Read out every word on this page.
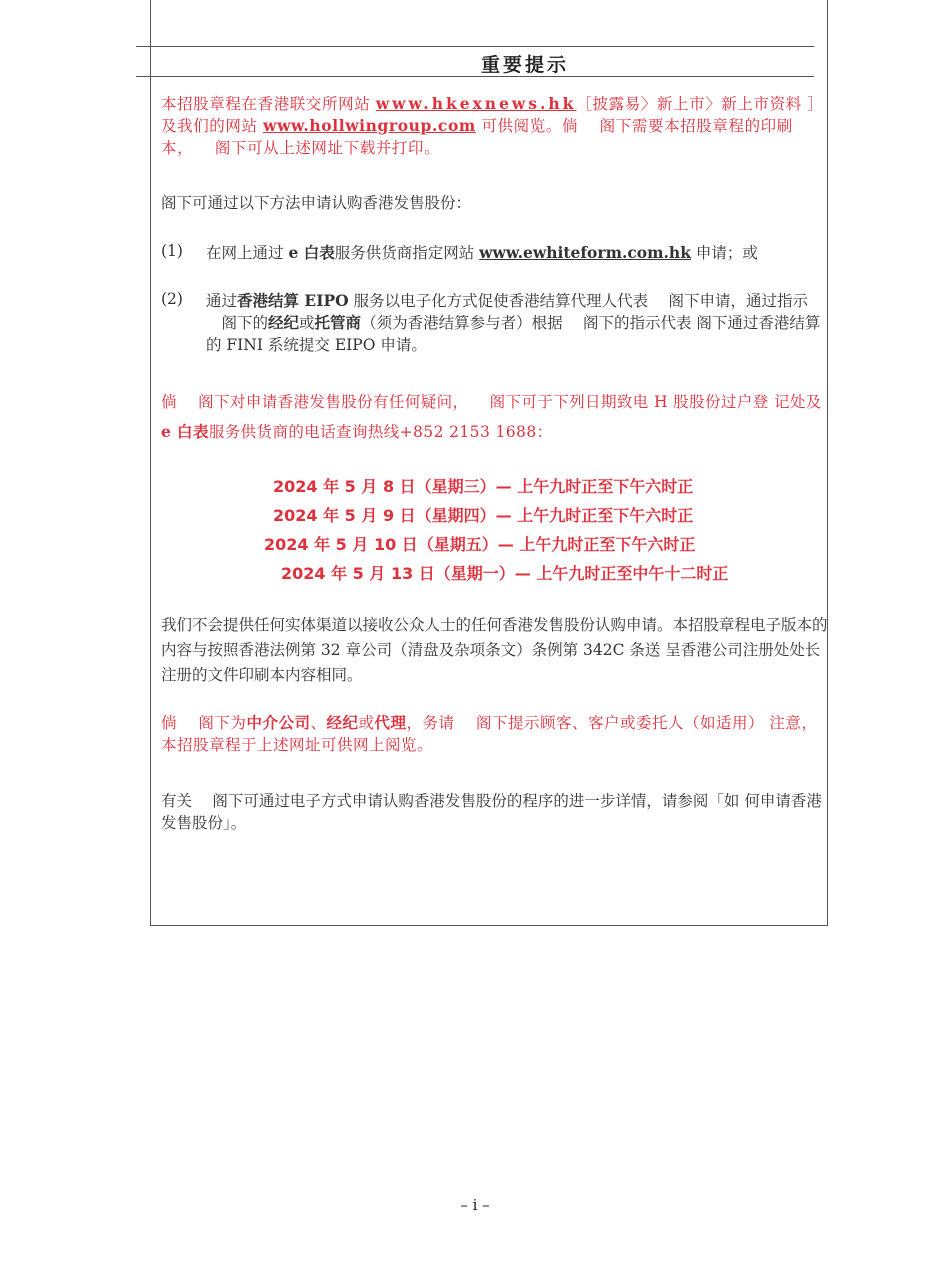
重要提示

本招股章程在香港联交所网站 www.hkexnews.hk［披露易〉新上市〉新上市资料 ］ 及我们的网站 www.hollwingroup.com 可供阅览。倘 　阁下需要本招股章程的印刷 本， 　阁下可从上述网址下载并打印。

阁下可通过以下方法申请认购香港发售股份：

(1) 在网上通过 e 白表服务供货商指定网站 www.ewhiteform.com.hk 申请；或

(2) 通过香港结算 EIPO 服务以电子化方式促使香港结算代理人代表 　阁下申请，通过指示 　阁下的经纪或托管商（须为香港结算参与者）根据 　阁下的指示代表 阁下通过香港结算的 FINI 系统提交 EIPO 申请。

倘 　阁下对申请香港发售股份有任何疑问， 　阁下可于下列日期致电 H 股股份过户登 记处及 e 白表服务供货商的电话查询热线+852 2153 1688：

2024 年 5 月 8 日（星期三）— 上午九时正至下午六时正
2024 年 5 月 9 日（星期四）— 上午九时正至下午六时正
2024 年 5 月 10 日（星期五）— 上午九时正至下午六时正
2024 年 5 月 13 日（星期一）— 上午九时正至中午十二时正

我们不会提供任何实体渠道以接收公众人士的任何香港发售股份认购申请。本招股章程电子版本的内容与按照香港法例第 32 章公司（清盘及杂项条文）条例第 342C 条送 呈香港公司注册处处长注册的文件印刷本内容相同。

倘 　阁下为中介公司、经纪或代理，务请 　阁下提示顾客、客户或委托人（如适用） 注意，本招股章程于上述网址可供网上阅览。

有关 　阁下可通过电子方式申请认购香港发售股份的程序的进一步详情，请参阅「如 何申请香港发售股份」。

– i –
